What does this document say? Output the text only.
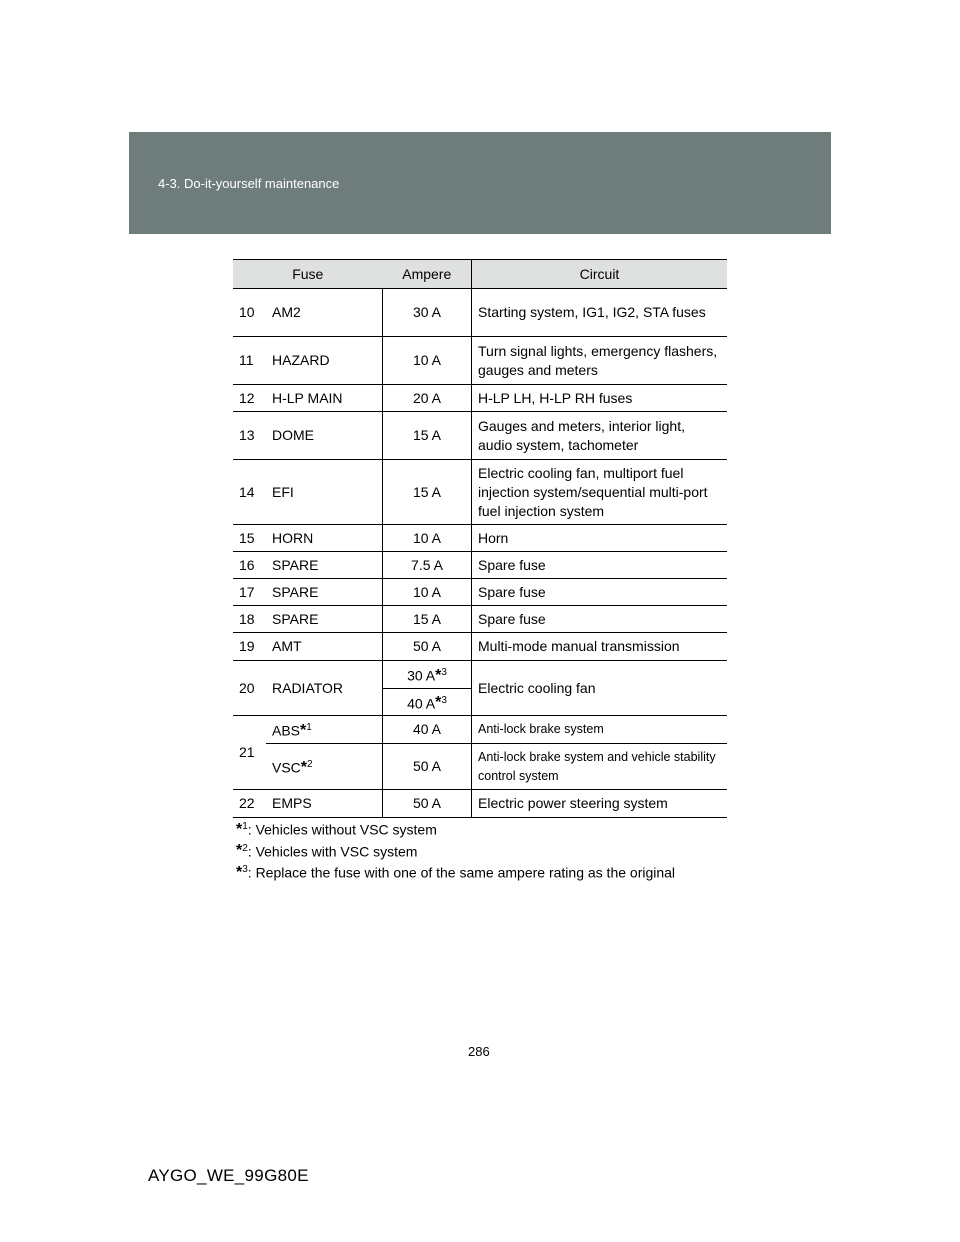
4-3. Do-it-yourself maintenance
Fuse		Ampere	Circuit
10	AM2	30 A	Starting system, IG1, IG2, STA fuses
11	HAZARD	10 A	Turn signal lights, emergency flashers, gauges and meters
12	H-LP MAIN	20 A	H-LP LH, H-LP RH fuses
13	DOME	15 A	Gauges and meters, interior light, audio system, tachometer
14	EFI	15 A	Electric cooling fan, multiport fuel injection system/sequential multi-port fuel injection system
15	HORN	10 A	Horn
16	SPARE	7.5 A	Spare fuse
17	SPARE	10 A	Spare fuse
18	SPARE	15 A	Spare fuse
19	AMT	50 A	Multi-mode manual transmission
20	RADIATOR	30 A*$^3$	Electric cooling fan
		40 A*$^3$
21	ABS*$^1$	40 A	Anti-lock brake system
	VSC*$^2$	50 A	Anti-lock brake system and vehicle stability control system
22	EMPS	50 A	Electric power steering system
*$^1$: Vehicles without VSC system
*$^2$: Vehicles with VSC system
*$^3$: Replace the fuse with one of the same ampere rating as the original
286
AYGO_WE_99G80E
